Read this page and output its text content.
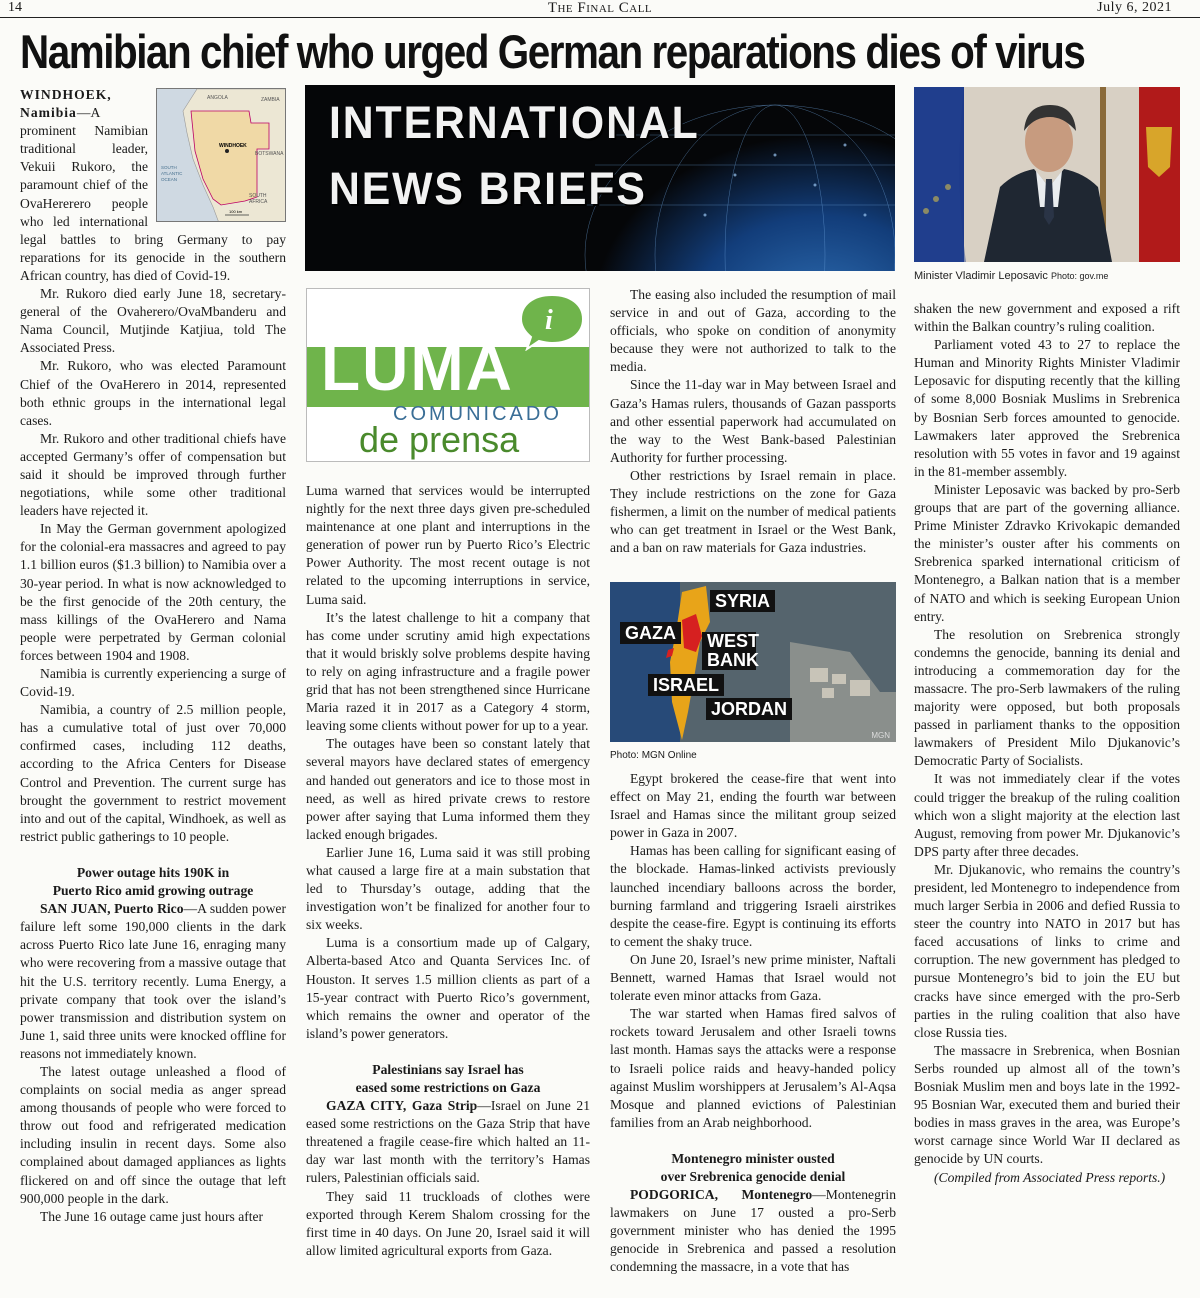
14	The Final Call	July 6, 2021
Namibian chief who urged German reparations dies of virus
WINDHOEK
ANGOLA	ZAMBIA
BOTSWANA
SOUTH
AFRICA
SOUTH
ATLANTIC
OCEAN
100 km

WINDHOEK, Namibia—A prominent Namibian traditional leader, Vekuii Rukoro, the paramount chief of the OvaHererero people who led international legal battles to bring Germany to pay reparations for its genocide in the southern African country, has died of Covid-19.

Mr. Rukoro died early June 18, secretary-general of the Ovaherero/OvaMbanderu and Nama Council, Mutjinde Katjiua, told The Associated Press.

Mr. Rukoro, who was elected Paramount Chief of the OvaHerero in 2014, represented both ethnic groups in the international legal cases.

Mr. Rukoro and other traditional chiefs have accepted Germany’s offer of compensation but said it should be improved through further negotiations, while some other traditional leaders have rejected it.

In May the German government apologized for the colonial-era massacres and agreed to pay 1.1 billion euros ($1.3 billion) to Namibia over a 30-year period. In what is now acknowledged to be the first genocide of the 20th century, the mass killings of the OvaHerero and Nama people were perpetrated by German colonial forces between 1904 and 1908.

Namibia is currently experiencing a surge of Covid-19.

Namibia, a country of 2.5 million people, has a cumulative total of just over 70,000 confirmed cases, including 112 deaths, according to the Africa Centers for Disease Control and Prevention. The current surge has brought the government to restrict movement into and out of the capital, Windhoek, as well as restrict public gatherings to 10 people.

Power outage hits 190K in
Puerto Rico amid growing outrage

SAN JUAN, Puerto Rico—A sudden power failure left some 190,000 clients in the dark across Puerto Rico late June 16, enraging many who were recovering from a massive outage that hit the U.S. territory recently. Luma Energy, a private company that took over the island’s power transmission and distribution system on June 1, said three units were knocked offline for reasons not immediately known.

The latest outage unleashed a flood of complaints on social media as anger spread among thousands of people who were forced to throw out food and refrigerated medication including insulin in recent days. Some also complained about damaged appliances as lights flickered on and off since the outage that left 900,000 people in the dark.

The June 16 outage came just hours after

INTERNATIONAL
NEWS BRIEFS
Minister Vladimir Leposavic Photo: gov.me
LUMA
i
COMUNICADO
de prensa

Luma warned that services would be interrupted nightly for the next three days given pre-scheduled maintenance at one plant and interruptions in the generation of power run by Puerto Rico’s Electric Power Authority. The most recent outage is not related to the upcoming interruptions in service, Luma said.

It’s the latest challenge to hit a company that has come under scrutiny amid high expectations that it would briskly solve problems despite having to rely on aging infrastructure and a fragile power grid that has not been strengthened since Hurricane Maria razed it in 2017 as a Category 4 storm, leaving some clients without power for up to a year.

The outages have been so constant lately that several mayors have declared states of emergency and handed out generators and ice to those most in need, as well as hired private crews to restore power after saying that Luma informed them they lacked enough brigades.

Earlier June 16, Luma said it was still probing what caused a large fire at a main substation that led to Thursday’s outage, adding that the investigation won’t be finalized for another four to six weeks.

Luma is a consortium made up of Calgary, Alberta-based Atco and Quanta Services Inc. of Houston. It serves 1.5 million clients as part of a 15-year contract with Puerto Rico’s government, which remains the owner and operator of the island’s power generators.

Palestinians say Israel has
eased some restrictions on Gaza

GAZA CITY, Gaza Strip—Israel on June 21 eased some restrictions on the Gaza Strip that have threatened a fragile cease-fire which halted an 11-day war last month with the territory’s Hamas rulers, Palestinian officials said.

They said 11 truckloads of clothes were exported through Kerem Shalom crossing for the first time in 40 days. On June 20, Israel said it will allow limited agricultural exports from Gaza.

The easing also included the resumption of mail service in and out of Gaza, according to the officials, who spoke on condition of anonymity because they were not authorized to talk to the media.

Since the 11-day war in May between Israel and Gaza’s Hamas rulers, thousands of Gazan passports and other essential paperwork had accumulated on the way to the West Bank-based Palestinian Authority for further processing.

Other restrictions by Israel remain in place. They include restrictions on the zone for Gaza fishermen, a limit on the number of medical patients who can get treatment in Israel or the West Bank, and a ban on raw materials for Gaza industries.

SYRIA
GAZA WEST BANK
ISRAEL
JORDAN
MGN
Photo: MGN Online

Egypt brokered the cease-fire that went into effect on May 21, ending the fourth war between Israel and Hamas since the militant group seized power in Gaza in 2007.

Hamas has been calling for significant easing of the blockade. Hamas-linked activists previously launched incendiary balloons across the border, burning farmland and triggering Israeli airstrikes despite the cease-fire. Egypt is continuing its efforts to cement the shaky truce.

On June 20, Israel’s new prime minister, Naftali Bennett, warned Hamas that Israel would not tolerate even minor attacks from Gaza.

The war started when Hamas fired salvos of rockets toward Jerusalem and other Israeli towns last month. Hamas says the attacks were a response to Israeli police raids and heavy-handed policy against Muslim worshippers at Jerusalem’s Al-Aqsa Mosque and planned evictions of Palestinian families from an Arab neighborhood.

Montenegro minister ousted
over Srebrenica genocide denial

PODGORICA, Montenegro—Montenegrin lawmakers on June 17 ousted a pro-Serb government minister who has denied the 1995 genocide in Srebrenica and passed a resolution condemning the massacre, in a vote that has

shaken the new government and exposed a rift within the Balkan country’s ruling coalition.

Parliament voted 43 to 27 to replace the Human and Minority Rights Minister Vladimir Leposavic for disputing recently that the killing of some 8,000 Bosniak Muslims in Srebrenica by Bosnian Serb forces amounted to genocide. Lawmakers later approved the Srebrenica resolution with 55 votes in favor and 19 against in the 81-member assembly.

Minister Leposavic was backed by pro-Serb groups that are part of the governing alliance. Prime Minister Zdravko Krivokapic demanded the minister’s ouster after his comments on Srebrenica sparked international criticism of Montenegro, a Balkan nation that is a member of NATO and which is seeking European Union entry.

The resolution on Srebrenica strongly condemns the genocide, banning its denial and introducing a commemoration day for the massacre. The pro-Serb lawmakers of the ruling majority were opposed, but both proposals passed in parliament thanks to the opposition lawmakers of President Milo Djukanovic’s Democratic Party of Socialists.

It was not immediately clear if the votes could trigger the breakup of the ruling coalition which won a slight majority at the election last August, removing from power Mr. Djukanovic’s DPS party after three decades.

Mr. Djukanovic, who remains the country’s president, led Montenegro to independence from much larger Serbia in 2006 and defied Russia to steer the country into NATO in 2017 but has faced accusations of links to crime and corruption. The new government has pledged to pursue Montenegro’s bid to join the EU but cracks have since emerged with the pro-Serb parties in the ruling coalition that also have close Russia ties.

The massacre in Srebrenica, when Bosnian Serbs rounded up almost all of the town’s Bosniak Muslim men and boys late in the 1992-95 Bosnian War, executed them and buried their bodies in mass graves in the area, was Europe’s worst carnage since World War II declared as genocide by UN courts.

(Compiled from Associated Press reports.)
